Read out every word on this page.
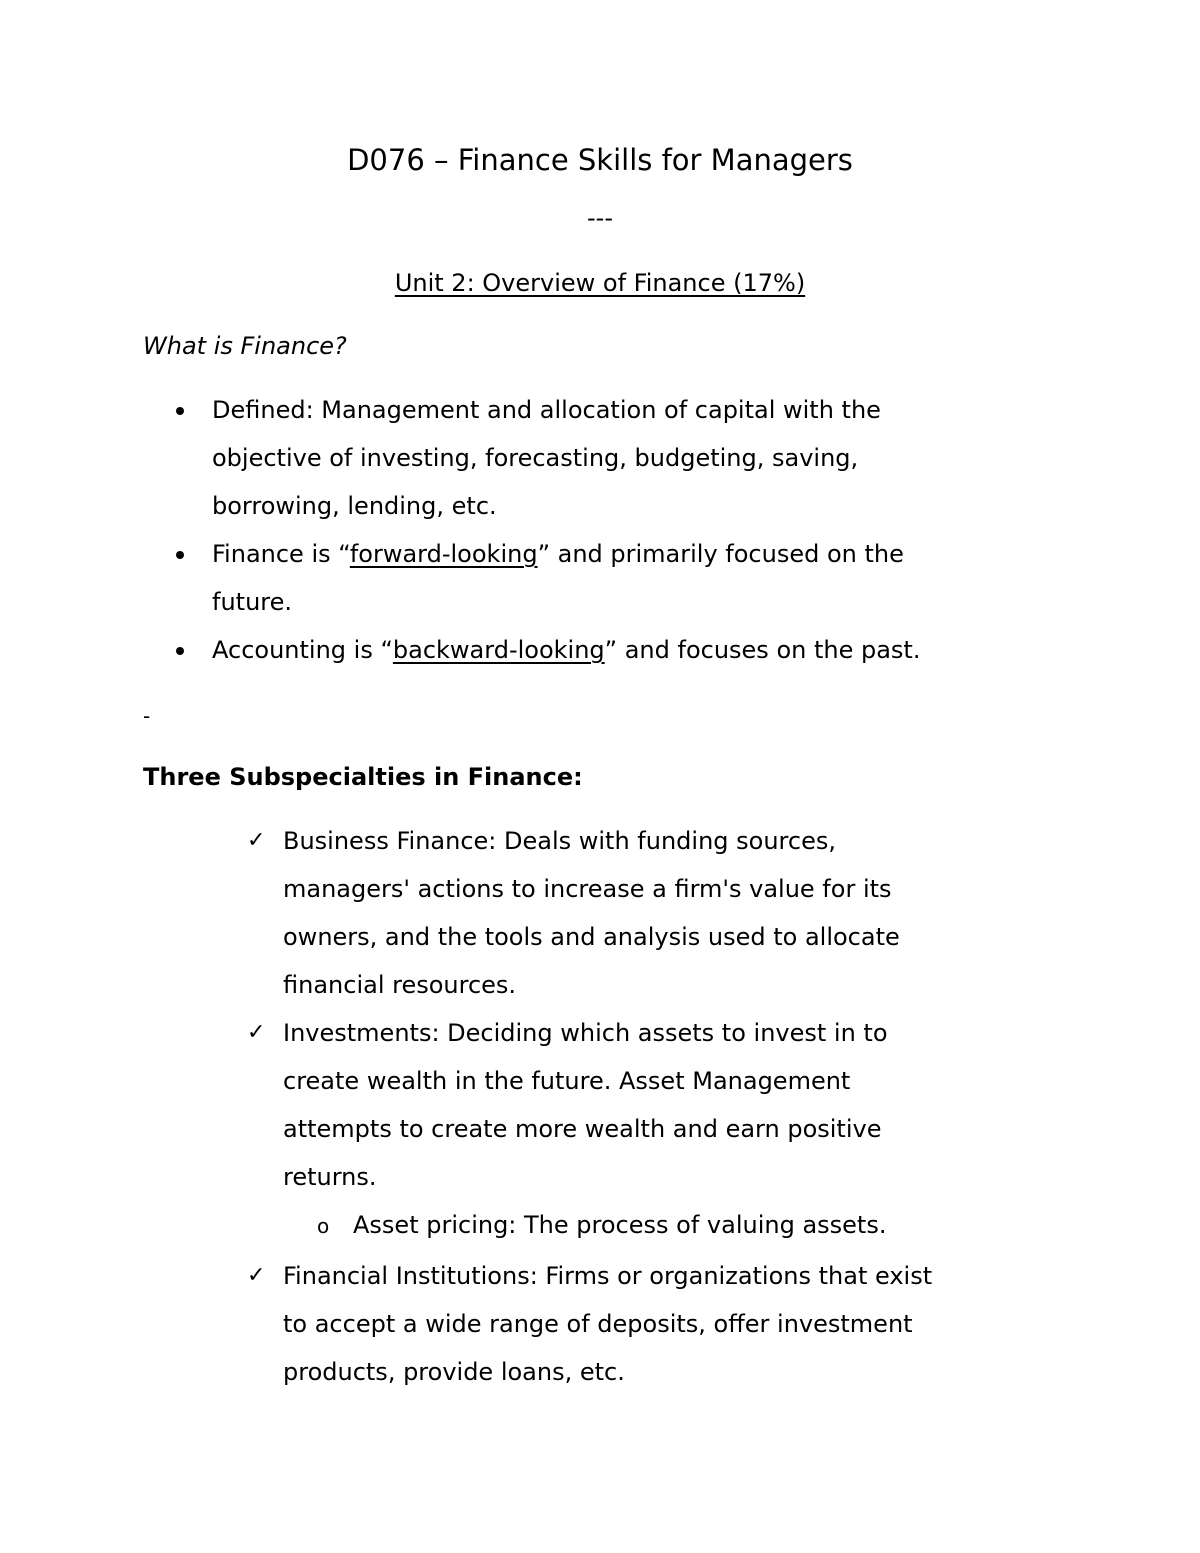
D076 – Finance Skills for Managers
---
Unit 2: Overview of Finance (17%)
What is Finance?
Defined: Management and allocation of capital with the
objective of investing, forecasting, budgeting, saving,
borrowing, lending, etc.
Finance is “forward-looking” and primarily focused on the
future.
Accounting is “backward-looking” and focuses on the past.
-
Three Subspecialties in Finance:
✓ Business Finance: Deals with funding sources,
managers' actions to increase a firm's value for its
owners, and the tools and analysis used to allocate
financial resources.
✓ Investments: Deciding which assets to invest in to
create wealth in the future. Asset Management
attempts to create more wealth and earn positive
returns.
o Asset pricing: The process of valuing assets.
✓ Financial Institutions: Firms or organizations that exist
to accept a wide range of deposits, offer investment
products, provide loans, etc.
